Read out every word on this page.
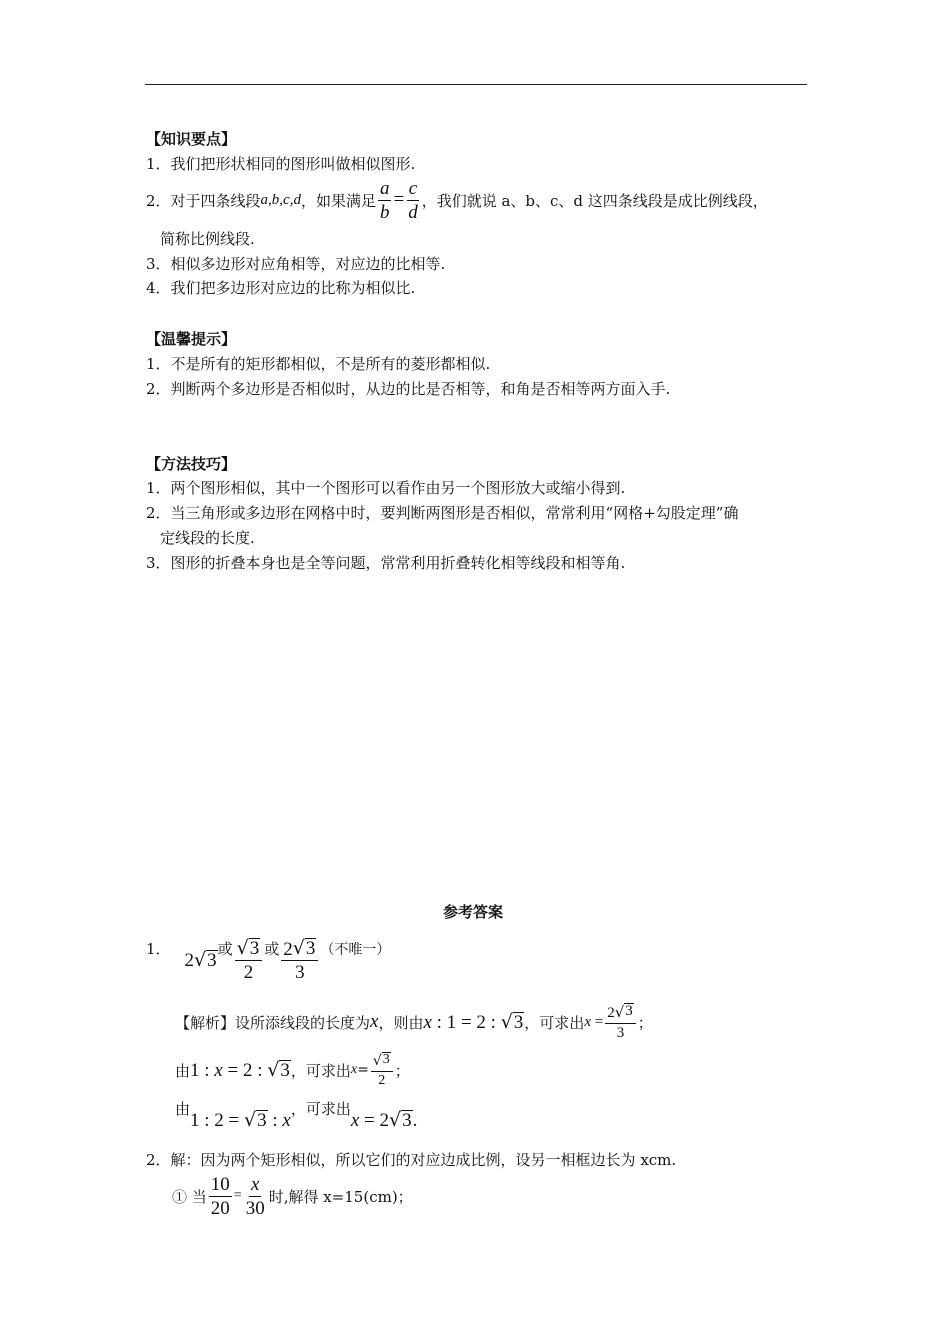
【知识要点】
1．我们把形状相同的图形叫做相似图形.
2．对于四条线段 a,b,c,d ，如果满足 $\frac{a}{b} = \frac{c}{d}$ ，我们就说 a、b、c、d 这四条线段是成比例线段，
简称比例线段.
3．相似多边形对应角相等，对应边的比相等.
4．我们把多边形对应边的比称为相似比.
【温馨提示】
1．不是所有的矩形都相似，不是所有的菱形都相似.
2．判断两个多边形是否相似时，从边的比是否相等，和角是否相等两方面入手.
【方法技巧】
1．两个图形相似，其中一个图形可以看作由另一个图形放大或缩小得到.
2．当三角形或多边形在网格中时，要判断两图形是否相似，常常利用“网格+勾股定理”确
定线段的长度.
3．图形的折叠本身也是全等问题，常常利用折叠转化相等线段和相等角.
参考答案
1．
2 √ 3
或 $\frac{√ 3}{2}$ 或 $\frac{2 √ 3}{3}$ （不唯一）
【解析】设所添线段的长度为 x ，则由 x : 1 = 2 : √ 3 ，可求出 $x = \frac{2 √ 3}{3}$ ；
由 1 : x = 2 : √ 3 ，可求出 $x = \frac{√ 3}{2}$ ；
由
1 : 2 = √ 3 : x
，可求出
x = 2 √ 3 .
2．解：因为两个矩形相似，所以它们的对应边成比例，设另一相框边长为 xcm.
① 当 $\frac{10}{20} = \frac{x}{30}$ 时,解得 x=15(cm)；
